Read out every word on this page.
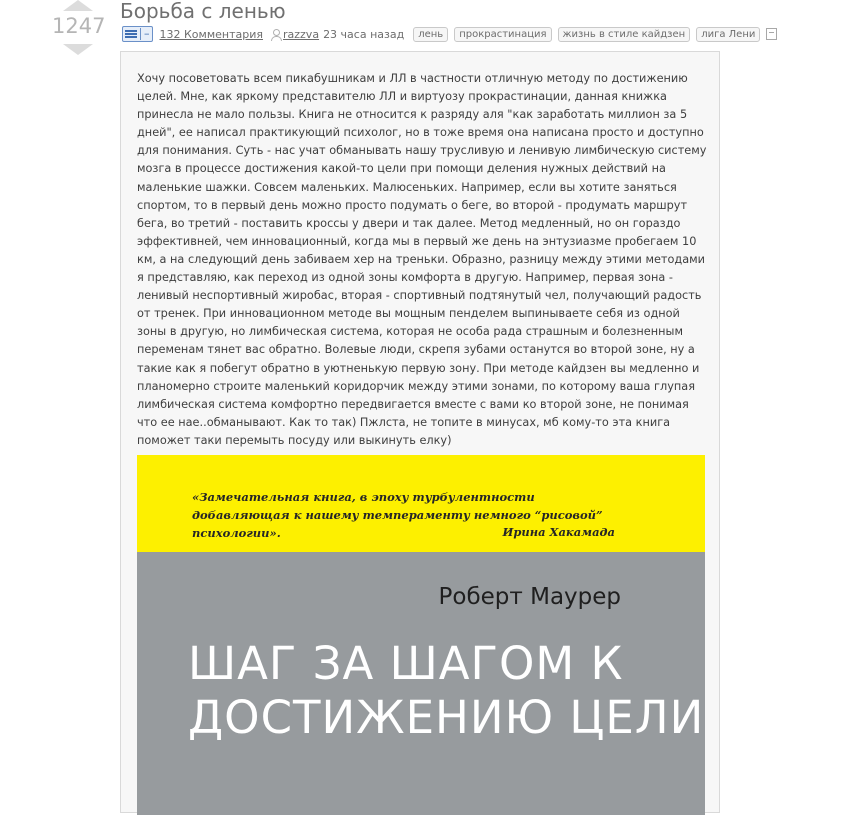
1247
Борьба с ленью
– 132 Комментария razzva 23 часа назад	лень	прокрастинация	жизнь в стиле кайдзен	лига Лени

Хочу посоветовать всем пикабушникам и ЛЛ в частности отличную методу по достижению целей. Мне, как яркому представителю ЛЛ и виртуозу прокрастинации, данная книжка принесла не мало пользы. Книга не относится к разряду аля "как заработать миллион за 5 дней", ее написал практикующий психолог, но в тоже время она написана просто и доступно для понимания. Суть - нас учат обманывать нашу трусливую и ленивую лимбическую систему мозга в процессе достижения какой-то цели при помощи деления нужных действий на маленькие шажки. Совсем маленьких. Малюсеньких. Например, если вы хотите заняться спортом, то в первый день можно просто подумать о беге, во второй - продумать маршрут бега, во третий - поставить кроссы у двери и так далее. Метод медленный, но он гораздо эффективней, чем инновационный, когда мы в первый же день на энтузиазме пробегаем 10 км, а на следующий день забиваем хер на треньки. Образно, разницу между этими методами я представляю, как переход из одной зоны комфорта в другую. Например, первая зона - ленивый неспортивный жиробас, вторая - спортивный подтянутый чел, получающий радость от тренек. При инновационном методе вы мощным пенделем выпинываете себя из одной зоны в другую, но лимбическая система, которая не особа рада страшным и болезненным переменам тянет вас обратно. Волевые люди, скрепя зубами останутся во второй зоне, ну а такие как я побегут обратно в уютненькую первую зону. При методе кайдзен вы медленно и планомерно строите маленький коридорчик между этими зонами, по которому ваша глупая лимбическая система комфортно передвигается вместе с вами ко второй зоне, не понимая что ее нае..обманывают. Как то так) Пжлста, не топите в минусах, мб кому-то эта книга поможет таки перемыть посуду или выкинуть елку)

«Замечательная книга, в эпоху турбулентности добавляющая к нашему темпераменту немного “рисовой” психологии».	Ирина Хакамада
Роберт Маурер
ШАГ ЗА ШАГОМ К ДОСТИЖЕНИЮ ЦЕЛИ
